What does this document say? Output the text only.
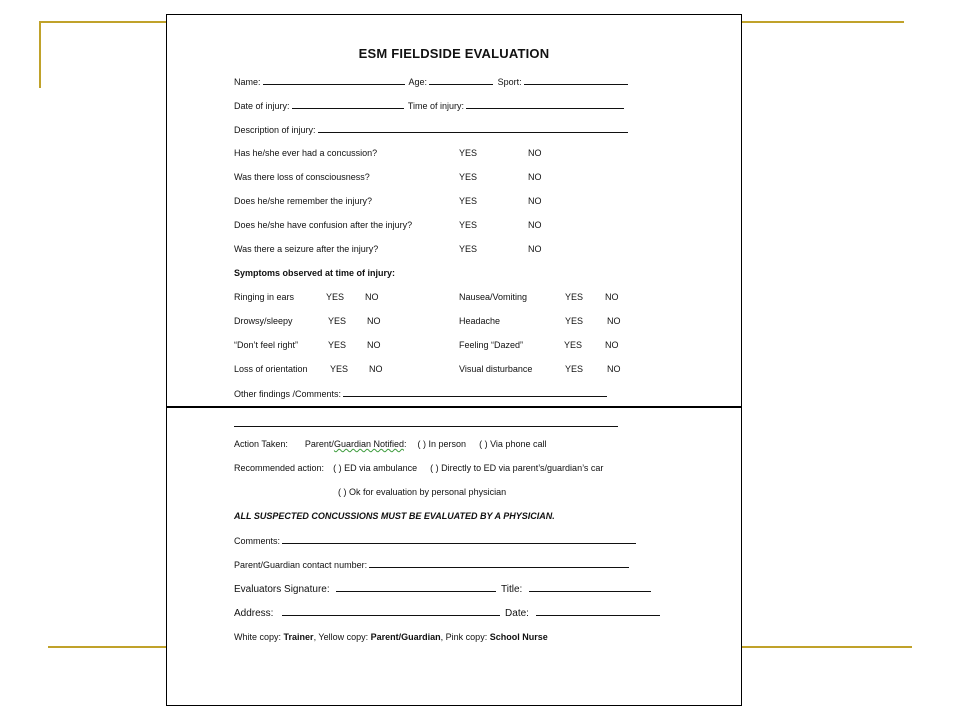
ESM FIELDSIDE EVALUATION
Name:	Age:	Sport:
Date of injury:	Time of injury:
Description of injury:
Has he/she ever had a concussion?	YES	NO
Was there loss of consciousness?	YES	NO
Does he/she remember the injury?	YES	NO
Does he/she have confusion after the injury?	YES	NO
Was there a seizure after the injury?	YES	NO
Symptoms observed at time of injury:
Ringing in ears	YES NO	Nausea/Vomiting	YES NO
Drowsy/sleepy	YES NO	Headache	YES	NO
“Don’t feel right”	YES NO	Feeling “Dazed”	YES	NO
Loss of orientation YES NO	Visual disturbance	YES	NO
Other findings /Comments:
Action Taken: Parent/Guardian Notified: ( ) In person ( ) Via phone call
Recommended action: ( ) ED via ambulance ( ) Directly to ED via parent’s/guardian’s car
( ) Ok for evaluation by personal physician
ALL SUSPECTED CONCUSSIONS MUST BE EVALUATED BY A PHYSICIAN.
Comments:
Parent/Guardian contact number:
Evaluators Signature:	Title:
Address:	Date:
White copy: Trainer, Yellow copy: Parent/Guardian, Pink copy: School Nurse
